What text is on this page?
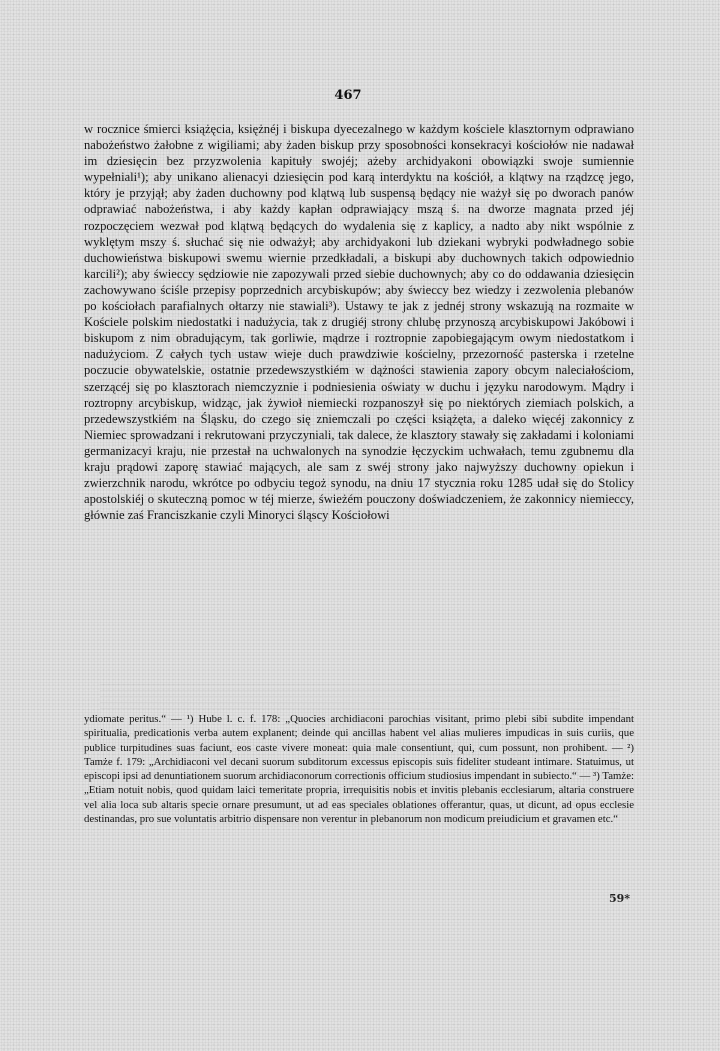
467

w rocznice śmierci książęcia, księżnéj i biskupa dyecezalnego w każdym kościele klasztornym odprawiano nabożeństwo żałobne z wigiliami; aby żaden biskup przy sposobności konsekracyi kościołów nie nadawał im dziesięcin bez przyzwolenia kapituły swojéj; ażeby archidyakoni obowiązki swoje sumiennie wypełniali¹); aby unikano alienacyi dziesięcin pod karą interdyktu na kościół, a klątwy na rządzcę jego, który je przyjął; aby żaden duchowny pod klątwą lub suspensą będący nie ważył się po dworach panów odprawiać nabożeństwa, i aby każdy kapłan odprawiający mszą ś. na dworze magnata przed jéj rozpoczęciem wezwał pod klątwą będących do wydalenia się z kaplicy, a nadto aby nikt wspólnie z wyklętym mszy ś. słuchać się nie odważył; aby archidyakoni lub dziekani wybryki podwładnego sobie duchowieństwa biskupowi swemu wiernie przedkładali, a biskupi aby duchownych takich odpowiednio karcili²); aby świeccy sędziowie nie zapozywali przed siebie duchownych; aby co do oddawania dziesięcin zachowywano ściśle przepisy poprzednich arcybiskupów; aby świeccy bez wiedzy i zezwolenia plebanów po kościołach parafialnych ołtarzy nie stawiali³). Ustawy te jak z jednéj strony wskazują na rozmaite w Kościele polskim niedostatki i nadużycia, tak z drugiéj strony chlubę przynoszą arcybiskupowi Jakóbowi i biskupom z nim obradującym, tak gorliwie, mądrze i roztropnie zapobiegającym owym niedostatkom i nadużyciom. Z całych tych ustaw wieje duch prawdziwie kościelny, przezorność pasterska i rzetelne poczucie obywatelskie, ostatnie przedewszystkiém w dążności stawienia zapory obcym naleciałościom, szerzącéj się po klasztorach niemczyznie i podniesienia oświaty w duchu i języku narodowym. Mądry i roztropny arcybiskup, widząc, jak żywioł niemiecki rozpanoszył się po niektórych ziemiach polskich, a przedewszystkiém na Śląsku, do czego się zniemczali po części książęta, a daleko więcéj zakonnicy z Niemiec sprowadzani i rekrutowani przyczyniali, tak dalece, że klasztory stawały się zakładami i koloniami germanizacyi kraju, nie przestał na uchwalonych na synodzie łęczyckim uchwałach, temu zgubnemu dla kraju prądowi zaporę stawiać mających, ale sam z swéj strony jako najwyższy duchowny opiekun i zwierzchnik narodu, wkrótce po odbyciu tegoż synodu, na dniu 17 stycznia roku 1285 udał się do Stolicy apostolskiéj o skuteczną pomoc w téj mierze, świeżém pouczony doświadczeniem, że zakonnicy niemieccy, głównie zaś Franciszkanie czyli Minoryci śląscy Kościołowi

ydiomate peritus.“ — ¹) Hube l. c. f. 178: „Quocies archidiaconi parochias visitant, primo plebi sibi subdite impendant spiritualia, predicationis verba autem explanent; deinde qui ancillas habent vel alias mulieres impudicas in suis curiis, que publice turpitudines suas faciunt, eos caste vivere moneat: quia male consentiunt, qui, cum possunt, non prohibent. — ²) Tamże f. 179: „Archidiaconi vel decani suorum subditorum excessus episcopis suis fideliter studeant intimare. Statuimus, ut episcopi ipsi ad denuntiationem suorum archidiaconorum correctionis officium studiosius impendant in subiecto.“ — ³) Tamże: „Etiam notuit nobis, quod quidam laici temeritate propria, irrequisitis nobis et invitis plebanis ecclesiarum, altaria construere vel alia loca sub altaris specie ornare presumunt, ut ad eas speciales oblationes offerantur, quas, ut dicunt, ad opus ecclesie destinandas, pro sue voluntatis arbitrio dispensare non verentur in plebanorum non modicum preiudicium et gravamen etc.“

59*
